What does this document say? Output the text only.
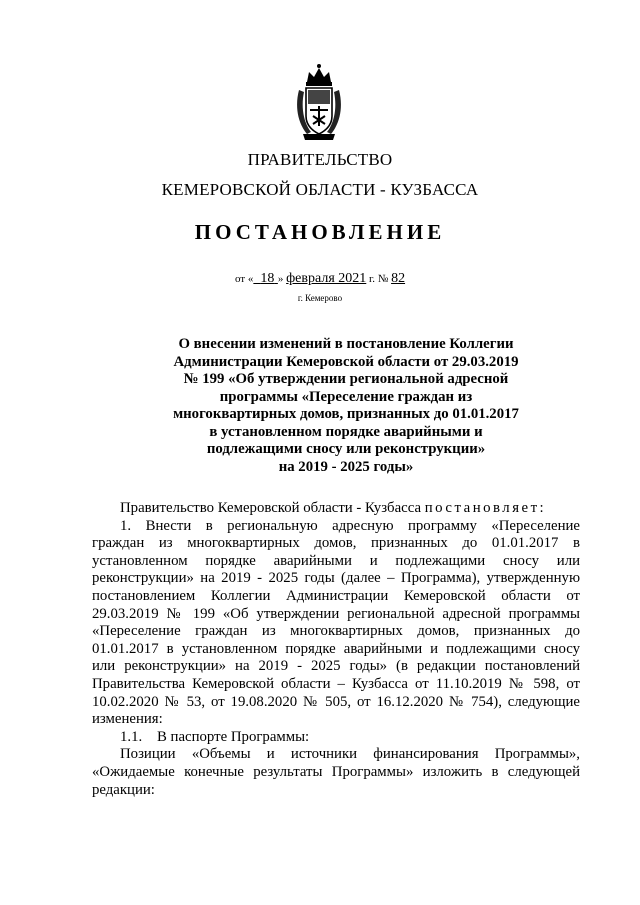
ПРАВИТЕЛЬСТВО
КЕМЕРОВСКОЙ ОБЛАСТИ - КУЗБАССА
ПОСТАНОВЛЕНИЕ
от « 18 » февраля 2021 г. № 82
г. Кемерово
О внесении изменений в постановление Коллегии
Администрации Кемеровской области от 29.03.2019
№ 199 «Об утверждении региональной адресной
программы «Переселение граждан из
многоквартирных домов, признанных до 01.01.2017
в установленном порядке аварийными и
подлежащими сносу или реконструкции»
на 2019 - 2025 годы»
Правительство Кемеровской области - Кузбасса постановляет:
1. Внести в региональную адресную программу «Переселение
граждан из многоквартирных домов, признанных до 01.01.2017 в
установленном порядке аварийными и подлежащими сносу или
реконструкции» на 2019 - 2025 годы (далее – Программа), утвержденную
постановлением Коллегии Администрации Кемеровской области от
29.03.2019 № 199 «Об утверждении региональной адресной программы
«Переселение граждан из многоквартирных домов, признанных до
01.01.2017 в установленном порядке аварийными и подлежащими сносу
или реконструкции» на 2019 - 2025 годы» (в редакции постановлений
Правительства Кемеровской области – Кузбасса от 11.10.2019 № 598, от
10.02.2020 № 53, от 19.08.2020 № 505, от 16.12.2020 № 754), следующие
изменения:
1.1.    В паспорте Программы:
Позиции «Объемы и источники финансирования Программы»,
«Ожидаемые конечные результаты Программы» изложить в следующей
редакции:
